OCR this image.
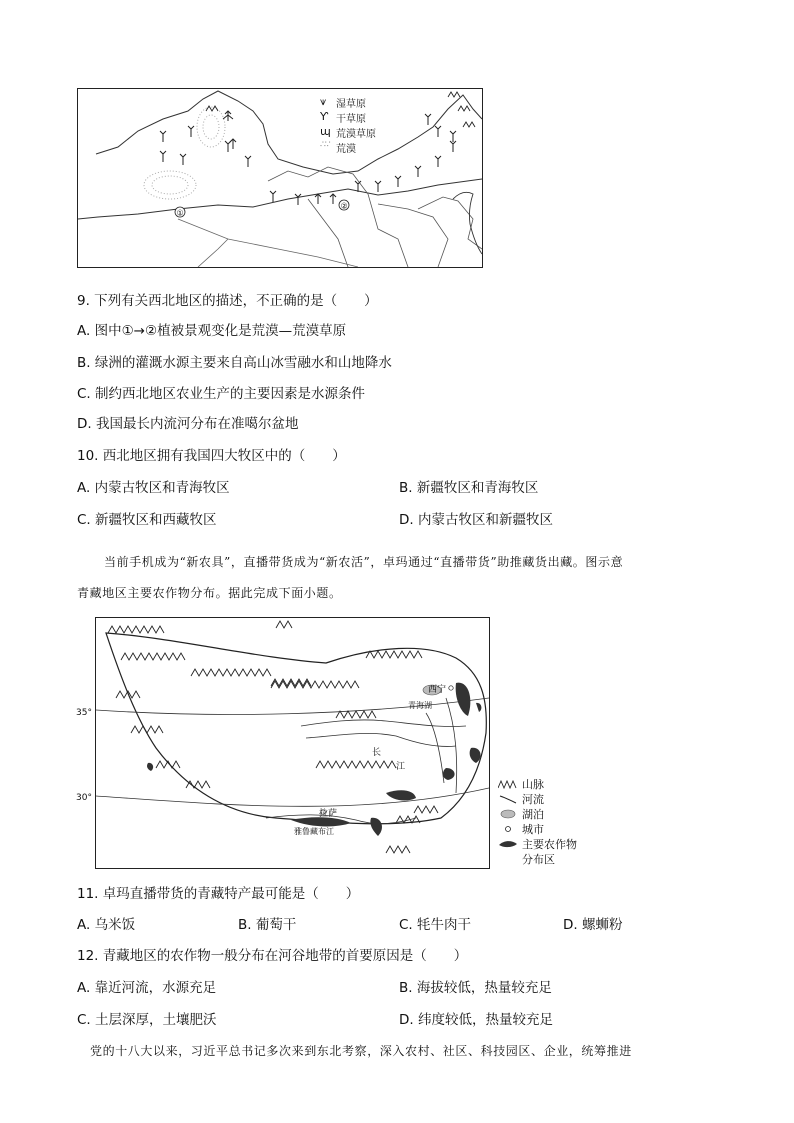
①
②
⩛ 湿草原
Ƴ 干草原
ɰ 荒漠草原
∴∵ 荒漠
9. 下列有关西北地区的描述，不正确的是（　　）
A. 图中①→②植被景观变化是荒漠—荒漠草原
B. 绿洲的灌溉水源主要来自高山冰雪融水和山地降水
C. 制约西北地区农业生产的主要因素是水源条件
D. 我国最长内流河分布在准噶尔盆地
10. 西北地区拥有我国四大牧区中的（　　）
A. 内蒙古牧区和青海牧区	B. 新疆牧区和青海牧区
C. 新疆牧区和西藏牧区	D. 内蒙古牧区和新疆牧区
当前手机成为“新农具”，直播带货成为“新农活”，卓玛通过“直播带货”助推藏货出藏。图示意
青藏地区主要农作物分布。据此完成下面小题。
西宁
青海湖
长
江
拉萨
雅鲁藏布江
35°
30°
山脉
河流
湖泊
城市
主要农作物
分布区
11. 卓玛直播带货的青藏特产最可能是（　　）
A. 乌米饭	B. 葡萄干	C. 牦牛肉干	D. 螺蛳粉
12. 青藏地区的农作物一般分布在河谷地带的首要原因是（　　）
A. 靠近河流，水源充足	B. 海拔较低，热量较充足
C. 土层深厚，土壤肥沃	D. 纬度较低，热量较充足
党的十八大以来，习近平总书记多次来到东北考察，深入农村、社区、科技园区、企业，统筹推进
